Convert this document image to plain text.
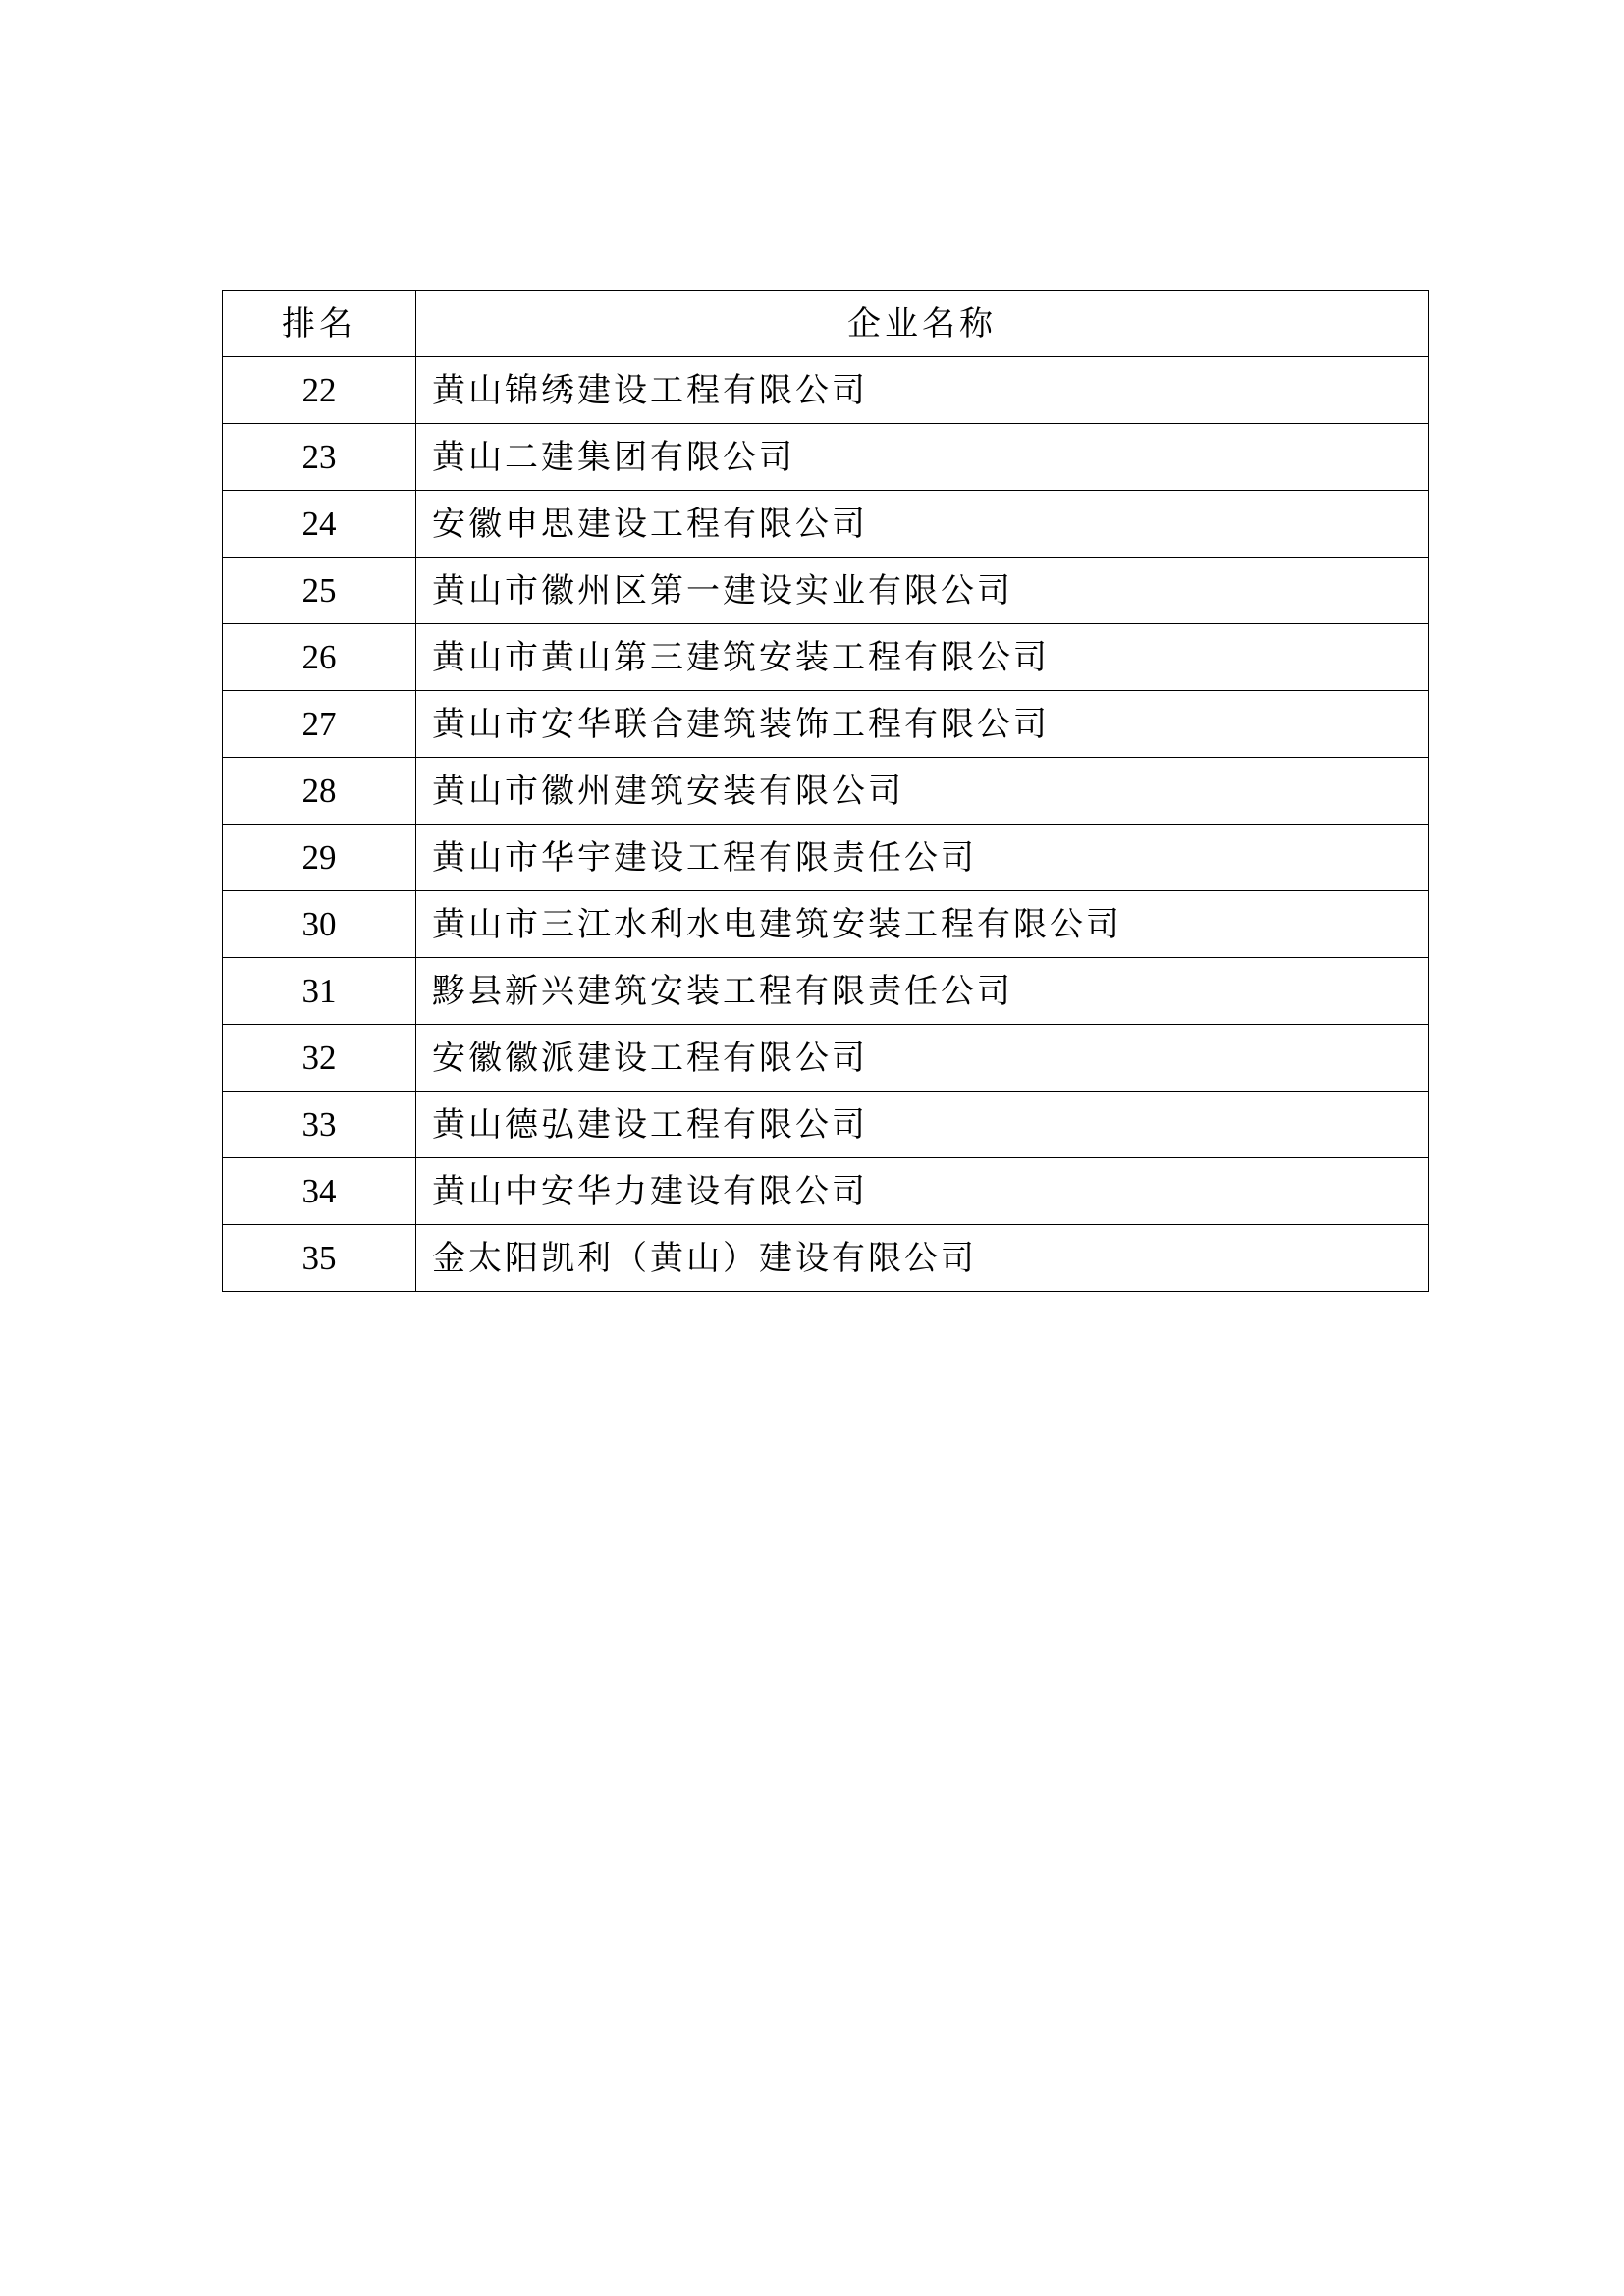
排名	企业名称
22	黄山锦绣建设工程有限公司
23	黄山二建集团有限公司
24	安徽申思建设工程有限公司
25	黄山市徽州区第一建设实业有限公司
26	黄山市黄山第三建筑安装工程有限公司
27	黄山市安华联合建筑装饰工程有限公司
28	黄山市徽州建筑安装有限公司
29	黄山市华宇建设工程有限责任公司
30	黄山市三江水利水电建筑安装工程有限公司
31	黟县新兴建筑安装工程有限责任公司
32	安徽徽派建设工程有限公司
33	黄山德弘建设工程有限公司
34	黄山中安华力建设有限公司
35	金太阳凯利（黄山）建设有限公司
